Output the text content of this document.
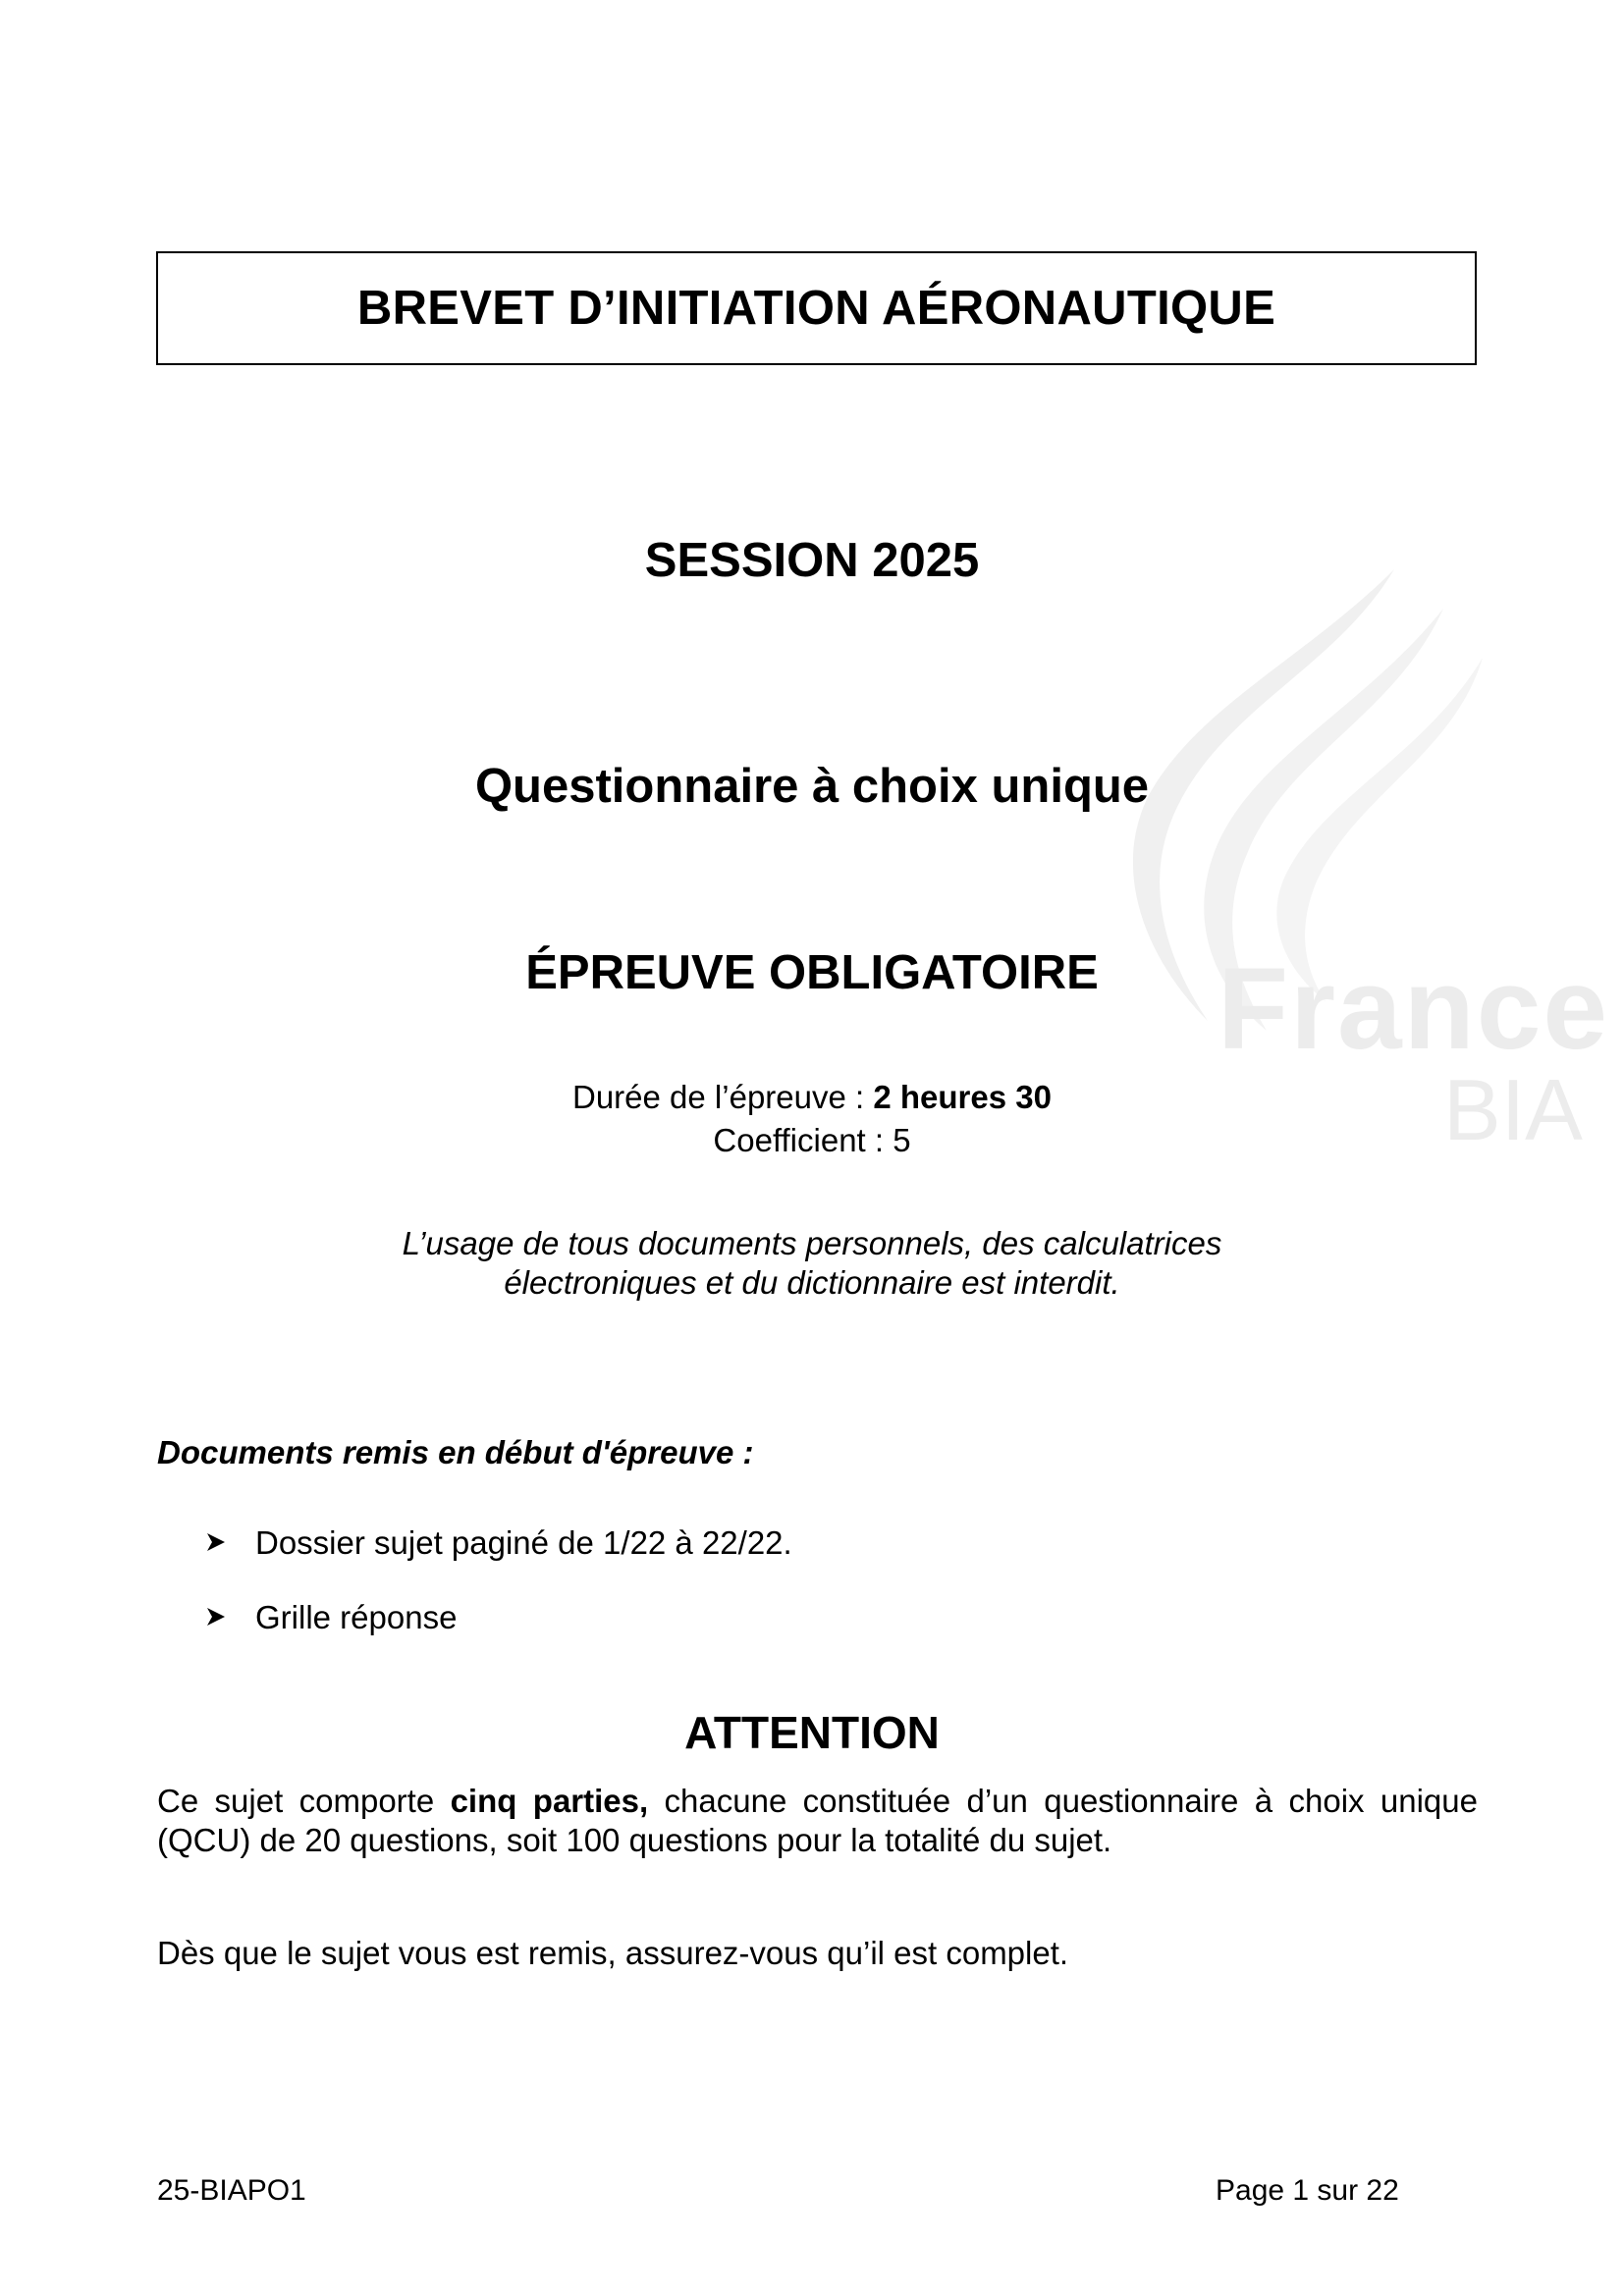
France
BIA
BREVET D’INITIATION AÉRONAUTIQUE
SESSION 2025
Questionnaire à choix unique
ÉPREUVE OBLIGATOIRE
Durée de l’épreuve : 2 heures 30
Coefficient : 5
L’usage de tous documents personnels, des calculatrices
électroniques et du dictionnaire est interdit.
Documents remis en début d'épreuve :
Dossier sujet paginé de 1/22 à 22/22.
Grille réponse
ATTENTION
Ce sujet comporte cinq parties, chacune constituée d’un questionnaire à choix unique (QCU) de 20 questions, soit 100 questions pour la totalité du sujet.
Dès que le sujet vous est remis, assurez-vous qu’il est complet.
25-BIAPO1	Page 1 sur 22
